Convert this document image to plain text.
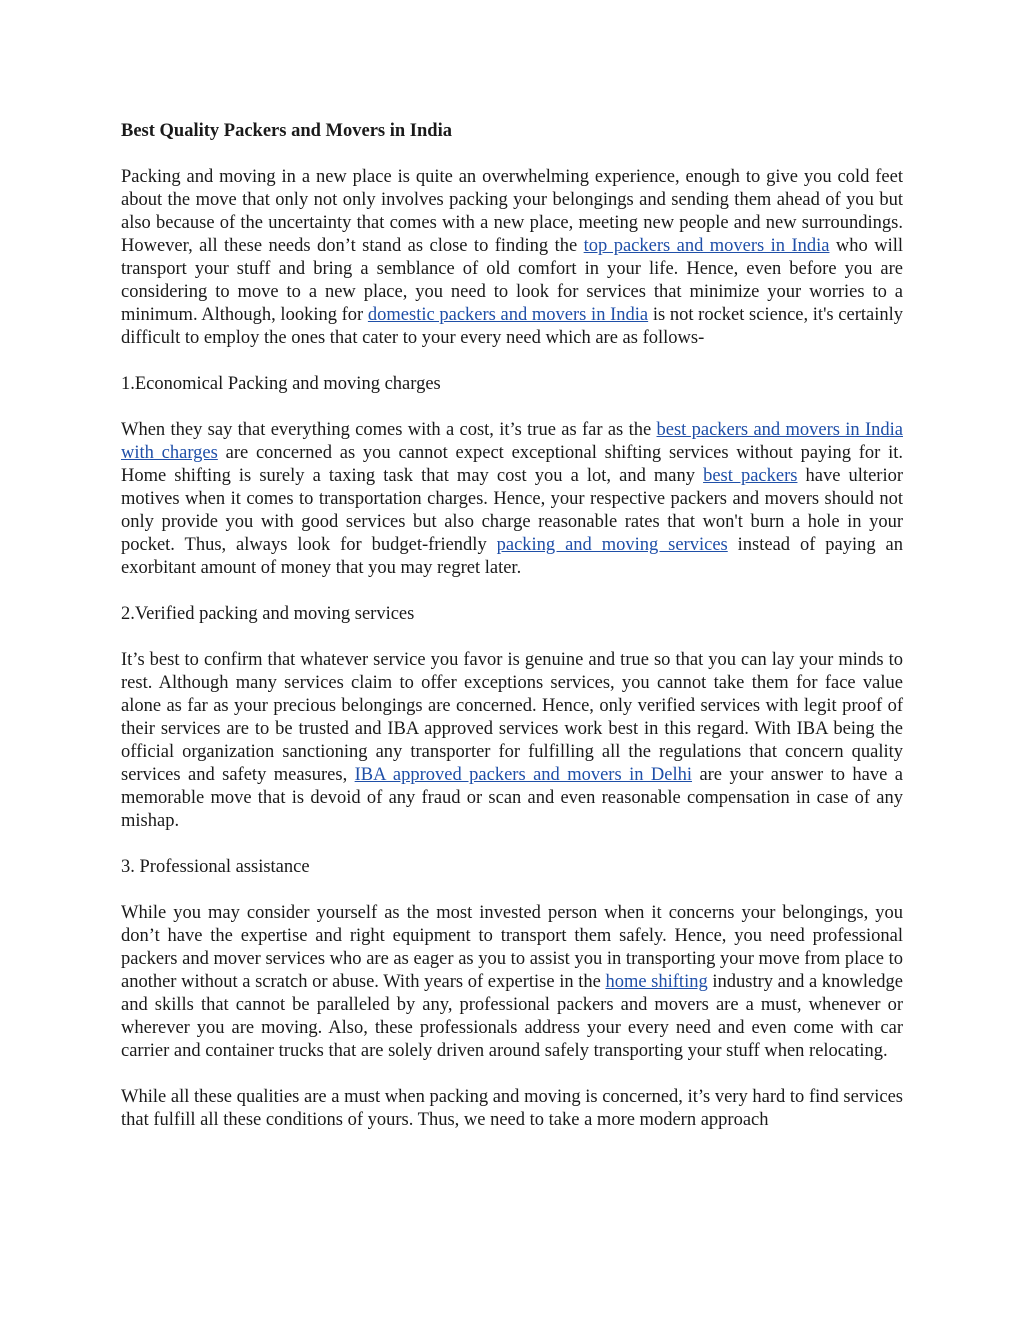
Best Quality Packers and Movers in India

Packing and moving in a new place is quite an overwhelming experience, enough to give you cold feet about the move that only not only involves packing your belongings and sending them ahead of you but also because of the uncertainty that comes with a new place, meeting new people and new surroundings. However, all these needs don’t stand as close to finding the top packers and movers in India who will transport your stuff and bring a semblance of old comfort in your life. Hence, even before you are considering to move to a new place, you need to look for services that minimize your worries to a minimum. Although, looking for domestic packers and movers in India is not rocket science, it's certainly difficult to employ the ones that cater to your every need which are as follows-

1.Economical Packing and moving charges

When they say that everything comes with a cost, it’s true as far as the best packers and movers in India with charges are concerned as you cannot expect exceptional shifting services without paying for it. Home shifting is surely a taxing task that may cost you a lot, and many best packers have ulterior motives when it comes to transportation charges. Hence, your respective packers and movers should not only provide you with good services but also charge reasonable rates that won't burn a hole in your pocket. Thus, always look for budget-friendly packing and moving services instead of paying an exorbitant amount of money that you may regret later.

2.Verified packing and moving services

It’s best to confirm that whatever service you favor is genuine and true so that you can lay your minds to rest. Although many services claim to offer exceptions services, you cannot take them for face value alone as far as your precious belongings are concerned. Hence, only verified services with legit proof of their services are to be trusted and IBA approved services work best in this regard. With IBA being the official organization sanctioning any transporter for fulfilling all the regulations that concern quality services and safety measures, IBA approved packers and movers in Delhi are your answer to have a memorable move that is devoid of any fraud or scan and even reasonable compensation in case of any mishap.

3. Professional assistance

While you may consider yourself as the most invested person when it concerns your belongings, you don’t have the expertise and right equipment to transport them safely. Hence, you need professional packers and mover services who are as eager as you to assist you in transporting your move from place to another without a scratch or abuse. With years of expertise in the home shifting industry and a knowledge and skills that cannot be paralleled by any, professional packers and movers are a must, whenever or wherever you are moving. Also, these professionals address your every need and even come with car carrier and container trucks that are solely driven around safely transporting your stuff when relocating.

While all these qualities are a must when packing and moving is concerned, it’s very hard to find services that fulfill all these conditions of yours. Thus, we need to take a more modern approach
